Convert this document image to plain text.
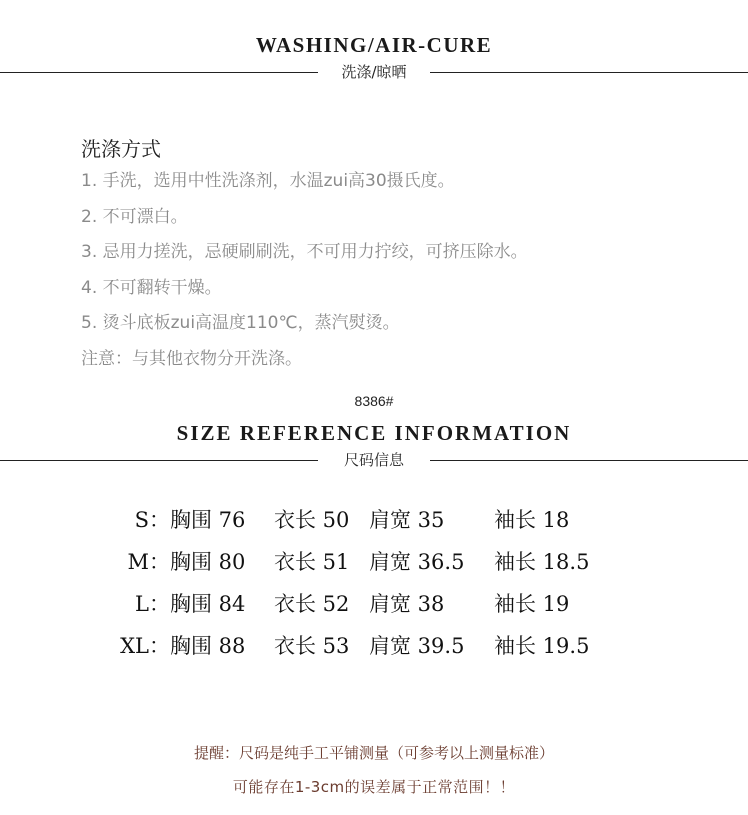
WASHING/AIR-CURE
洗涤/晾晒
洗涤方式
1. 手洗，选用中性洗涤剂，水温zui高30摄氏度。
2. 不可漂白。
3. 忌用力搓洗，忌硬刷刷洗，不可用力拧绞，可挤压除水。
4. 不可翻转干燥。
5. 烫斗底板zui高温度110℃，蒸汽熨烫。
注意：与其他衣物分开洗涤。
8386#
SIZE REFERENCE INFORMATION
尺码信息
S：	胸围 76	衣长 50	肩宽 35	袖长 18
M：	胸围 80	衣长 51	肩宽 36.5	袖长 18.5
L：	胸围 84	衣长 52	肩宽 38	袖长 19
XL：	胸围 88	衣长 53	肩宽 39.5	袖长 19.5
提醒：尺码是纯手工平铺测量（可参考以上测量标准）
可能存在1-3cm的误差属于正常范围！！
